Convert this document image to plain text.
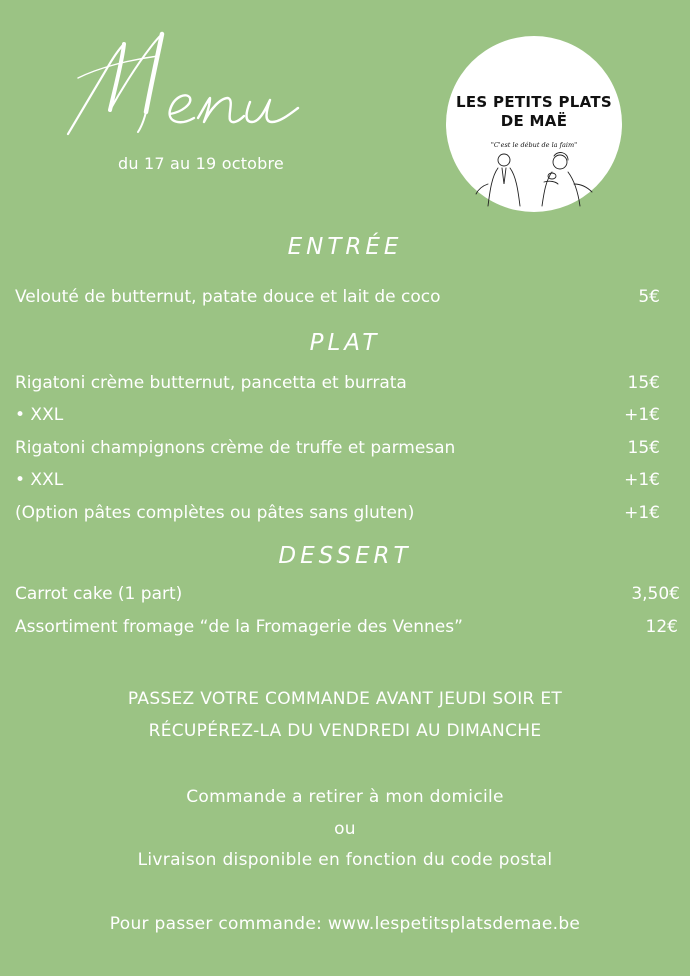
Menu
du 17 au 19 octobre
LES PETITS PLATS
DE MAË
"C'est le début de la faim"
ENTRÉE
Velouté de butternut, patate douce et lait de coco	5€
PLAT
Rigatoni crème butternut, pancetta et burrata	15€
• XXL	+1€
Rigatoni champignons crème de truffe et parmesan	15€
• XXL	+1€
(Option pâtes complètes ou pâtes sans gluten)	+1€
DESSERT
Carrot cake (1 part)	3,50€
Assortiment fromage “de la Fromagerie des Vennes”	12€
PASSEZ VOTRE COMMANDE AVANT JEUDI SOIR ET
RÉCUPÉREZ-LA DU VENDREDI AU DIMANCHE
Commande a retirer à mon domicile
ou
Livraison disponible en fonction du code postal
Pour passer commande: www.lespetitsplatsdemae.be
